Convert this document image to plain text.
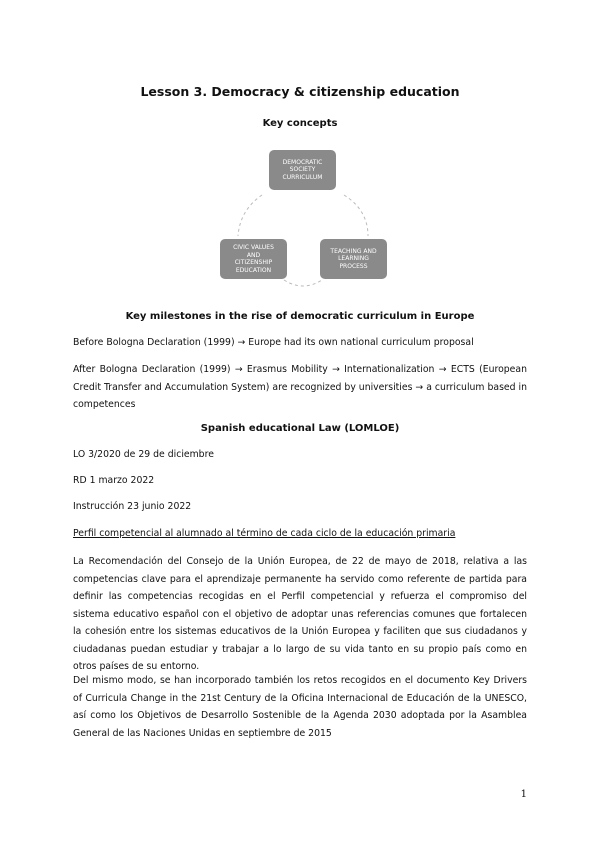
Lesson 3. Democracy & citizenship education
Key concepts
DEMOCRATIC
SOCIETY
CURRICULUM
CIVIC VALUES
AND
CITIZENSHIP
EDUCATION
TEACHING AND
LEARNING
PROCESS
Key milestones in the rise of democratic curriculum in Europe
Before Bologna Declaration (1999) → Europe had its own national curriculum proposal
After Bologna Declaration (1999) → Erasmus Mobility → Internationalization → ECTS (European Credit Transfer and Accumulation System) are recognized by universities → a curriculum based in competences
Spanish educational Law (LOMLOE)
LO 3/2020 de 29 de diciembre
RD 1 marzo 2022
Instrucción 23 junio 2022
Perfil competencial al alumnado al término de cada ciclo de la educación primaria
La Recomendación del Consejo de la Unión Europea, de 22 de mayo de 2018, relativa a las competencias clave para el aprendizaje permanente ha servido como referente de partida para definir las competencias recogidas en el Perfil competencial y refuerza el compromiso del sistema educativo español con el objetivo de adoptar unas referencias comunes que fortalecen la cohesión entre los sistemas educativos de la Unión Europea y faciliten que sus ciudadanos y ciudadanas puedan estudiar y trabajar a lo largo de su vida tanto en su propio país como en otros países de su entorno.
Del mismo modo, se han incorporado también los retos recogidos en el documento Key Drivers of Curricula Change in the 21st Century de la Oficina Internacional de Educación de la UNESCO, así como los Objetivos de Desarrollo Sostenible de la Agenda 2030 adoptada por la Asamblea General de las Naciones Unidas en septiembre de 2015
1
